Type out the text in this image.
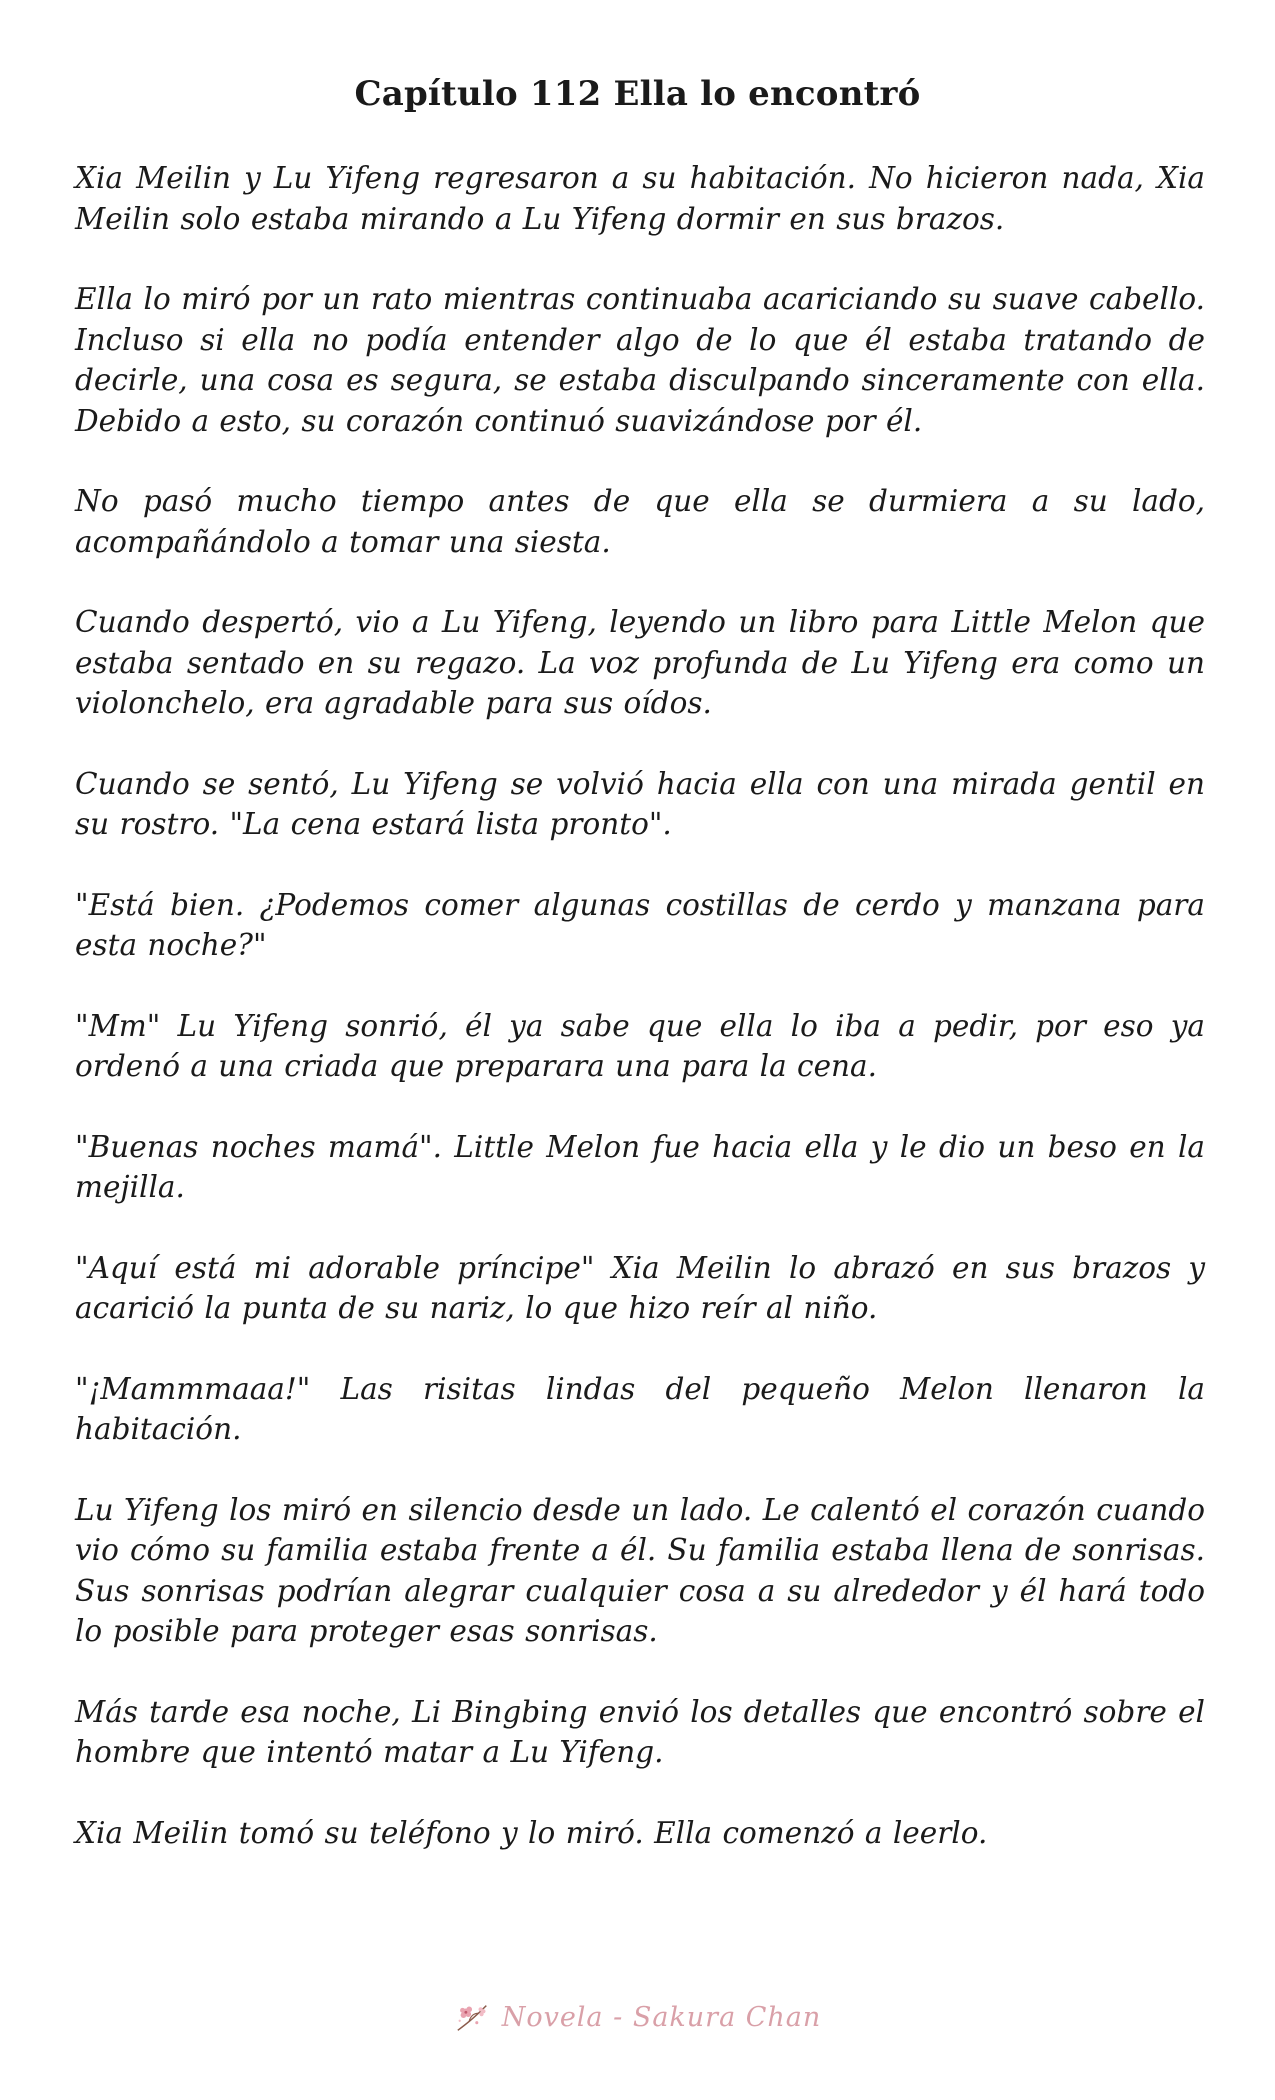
Capítulo 112 Ella lo encontró

Xia Meilin y Lu Yifeng regresaron a su habitación. No hicieron nada, Xia Meilin solo estaba mirando a Lu Yifeng dormir en sus brazos.

Ella lo miró por un rato mientras continuaba acariciando su suave cabello. Incluso si ella no podía entender algo de lo que él estaba tratando de decirle, una cosa es segura, se estaba disculpando sinceramente con ella. Debido a esto, su corazón continuó suavizándose por él.

No pasó mucho tiempo antes de que ella se durmiera a su lado, acompañándolo a tomar una siesta.

Cuando despertó, vio a Lu Yifeng, leyendo un libro para Little Melon que estaba sentado en su regazo. La voz profunda de Lu Yifeng era como un violonchelo, era agradable para sus oídos.

Cuando se sentó, Lu Yifeng se volvió hacia ella con una mirada gentil en su rostro. "La cena estará lista pronto".

"Está bien. ¿Podemos comer algunas costillas de cerdo y manzana para esta noche?"

"Mm" Lu Yifeng sonrió, él ya sabe que ella lo iba a pedir, por eso ya ordenó a una criada que preparara una para la cena.

"Buenas noches mamá". Little Melon fue hacia ella y le dio un beso en la mejilla.

"Aquí está mi adorable príncipe" Xia Meilin lo abrazó en sus brazos y acarició la punta de su nariz, lo que hizo reír al niño.

"¡Mammmaaa!" Las risitas lindas del pequeño Melon llenaron la habitación.

Lu Yifeng los miró en silencio desde un lado. Le calentó el corazón cuando vio cómo su familia estaba frente a él. Su familia estaba llena de sonrisas. Sus sonrisas podrían alegrar cualquier cosa a su alrededor y él hará todo lo posible para proteger esas sonrisas.

Más tarde esa noche, Li Bingbing envió los detalles que encontró sobre el hombre que intentó matar a Lu Yifeng.

Xia Meilin tomó su teléfono y lo miró. Ella comenzó a leerlo.

Novela - Sakura Chan
